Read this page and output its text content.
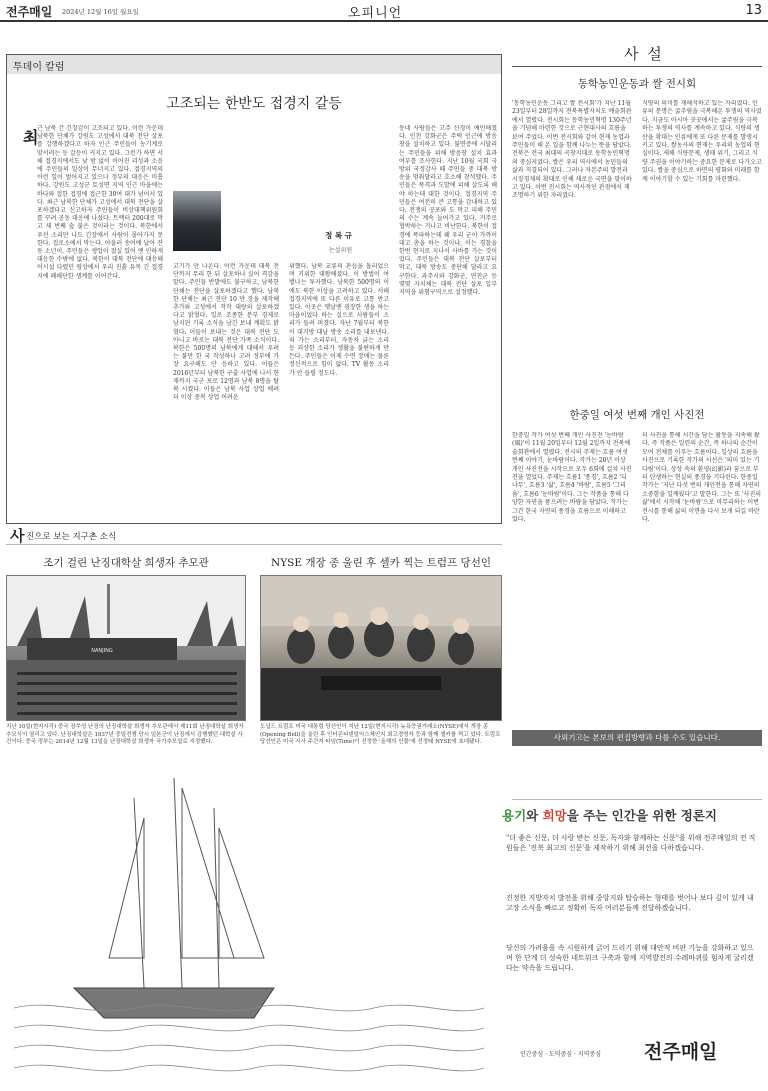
전주매일 2024년 12월 16일 월요일	오피니언	13
투데이 칼럼
고조되는 한반도 접경지 갈등
정 복 규
논설위원
최
근 남북 간 긴장감이 고조되고 있다. 이런 가운데 남북한 단체가 강원도 고성에서 대북 전단 살포를 강행하겠다고 하자 인근 주민들이 농기계로 맞서려는 등 갈등이 커지고 있다. 그런가 하면 서해 접경지에서도 낮 밤 없이 이어진 괴성과 소음에 주민들의 일상이 무너지고 있다. 접경지역의 이런 일이 벌어지고 있으나 정부의 대응은 미흡하다. 강원도 고성군 토성면 지역 인근 마을에는 바다와 접한 접경에 접근한 30여 대가 넘어서 있다. 최근 남북한 단체가 고성에서 대북 전단을 살포하겠다고 신고하자 주민들이 비상대책위원회를 꾸려 공동 대응에 나섰다. 트랙터 200대로 막고 세 번째 숲 불은 것이라는 것이다. 북한에서 우선 소리만 나도 긴장에서 사람이 몰아가지 못한다. 접로소에서 막는다. 아울러 송어에 날아 잔 동 소년이. 주민들은 생업이 절실 있어 엔 인하게 대응한 수밖에 없다. 북한이 대북 전단에 대응해 어시설 다렸던 평상에서 우리 진흙 유목 긴 접경지에 폐해단한 생계를 이어간다.
고기가 안 나온다. 이런 가운데 대북 전단까지 무리 한 뒤 살포하나 실어 격감을 맡다. 주민들 반발에도 불구하고, 남북한 단체는 전단을 살포하겠다고 했다. 남북한 단체는 최근 전단 10 만 장을 제작해 추가와 고성에서 작작 대랑의 살포하겠다고 밝혔다. 일로 조종한 분부 경제로 남지된 기록 소식을 남긴 보내 계획도 밝혔다. 이들이 보내는 것은 대북 전단 도 아니고 바로는 대북 전단 가족 소식이다. 북한은 500명의 남북에게 대해서 우려는 불만 한 국 작성하나 고려 정부에 가장 요구해도 안 응하고 있다. 이들은 2016년부터 남북한 구출 사업에 나서 현재까지 국군 포로 12명과 남북 8명을 탈북 시켰다. 이들은 남북 사업 상업 배려 더 이상 중복 상업 어려운
위했다. 남북 교류의 관심을 돌리었으며 키위한 대왕해셨다. 이 방법이 여 별나는 투자했다. 남북한 500명의 이에도 북한 이상을 고려하고 있다. 서해 접경지역에 또 다른 이유로 고통 받고 있다. 이곳은 옛날엔 굉장한 생을 하는 마을이었다 하는 실으로 사람들이 소리가 들려 퍼졌다. 자난 7월부터 북한이 대거방 대남 방송 소리를 내보낸다. 쇠 가는 소리부터, 자동차 긁는 소리 등 괴상한 소리가 생활을 불편하게 만든다. 주민들은 이제 수면 장애는 물론 정신적으로 힘이 없다. TV 활동 소리가 안 들릴 정도다.
동네 사람들은 고주 신경이 예민해졌다. 인천 강화군은 주택 인근에 방음창을 설치하고 있다. 불면증에 시달리는 주민들을 위해 방음창 설치 효과 여부를 조사한다. 지난 10월 국회 국방위 국정감사 때 주민들 중 대북 방송을 멈춰달라고 호소해 참석했다. 주민들은 폭격과 도발에 피해 살도록 해야 하는데 대한 것이다. 접경지역 주민들은 여전히 큰 고통을 감내하고 있다. 전쟁의 공포와 도 막고 피해 주민의 수는 계속 늘어가고 있다. 거주로 협박하는 거나고 비난한다. 북한이 접경에 폭파하는데 왜 우리 군이 가까이 대고 총을 하는 것이냐, 이는 경찰을 한번 현지로 지나서 사바를 가는 것이었다. 주민들은 대북 전단 살포부터 막고, 대북 방송도 중단해 달라고 요구한다. 과주시와 강화군, 연천군 등 몇몇 자치체는 대북 전단 살포 일부 지역을 위험구역으로 설정했다.
사 진으로 보는 지구촌 소식
조기 걸린 난징대학살 희생자 추모관	NYSE 개장 종 울린 후 셀카 찍는 트럼프 당선인
NANJING
지난 10일(현지시각) 중국 장쑤성 난징의 난징대학살 희생자 추모관에서 제11회 난징대학살 희생자 추모식이 열리고 있다. 난징대학살은 1937년 중일전쟁 당시 일본군이 난징에서 감행했던 대학살 사건이다. 중국 정부는 2014년 12월 13일을 난징대학살 희생자 국가추모일로 지정했다.
도널드 트럼프 미국 대통령 당선인이 지난 12일(현지시각) 뉴욕증권거래소(NYSE)에서 개장 종(Opening Bell)을 울린 후 인터콘티넨털익스체인지 최고경영자 등과 함께 셀카를 찍고 있다. 트럼프 당선인은 미국 시사 주간지 타임(Time)이 선정한 '올해의 인물'에 선정돼 NYSE에 초대됐다.
사 설
동학농민운동과 쌀 전시회
'동학농민운동 그리고 쌀 전시회'가 지난 11월 23일부터 28일까지 전북특별자치도 예술회관에서 열렸다. 전시회는 동학농민혁명 130주년을 기념해 마련한 것으로 근현대사의 흐름을 보여 주었다. 이번 전시회와 같이 현재 농업과 주민들이 해 온 일을 함께 나누는 뜻을 담았다. 전북은 전국 최대의 곡창지대로 동학농민혁명의 중심지였다. 쌀은 우리 역사에서 농민들의 삶과 직결되어 있다. 그러나 자본주의 발전과 시장경제의 확대로 인해 새로운 국면을 맞이하고 있다. 이번 전시회는 역사적인 관점에서 재조명하기 위한 자리였다.
식량의 의미를 재해석하고 있는 자리였다. 인류의 문명은 굶주림을 극복해온 투쟁의 역사였다. 지금도 아시아 곳곳에서는 굶주림을 극복하는 투쟁의 역사를 계속하고 있다. 식량의 생산을 확대는 인류에게 또 다른 문제를 발생시키고 있다. 쌀농사의 현재는 우리의 농업의 현실이다. 새해 식량문제, 생태 위기, 그리고 식량 주권을 이야기하는 중요한 문제로 다가오고 있다. 쌀을 중심으로 하면의 평화와 미래를 함께 이야기할 수 있는 기회를 마련했다.
한중일 여섯 번째 개인 사진전
한중일 작가 여섯 번째 개인 사진전 '눈바람(風)'이 11월 20일부터 12월 2일까지 전북예술회관에서 열렸다. 전시의 주제는 흐름 여섯 번째 이야기, 눈바람이다. 작가는 20년 이상 개인 사진전을 시작으로 모두 6회에 걸쳐 사진전을 열었다. 주제는 흐름1 '풍경', 흐름2 '디나무', 흐름3 '삶', 흐름4 '바람', 흐름5 '그리움', 흐름6 '눈바람'이다. 그는 작품을 통해 다양한 자연을 품으려는 바람을 담았다. 작가는 그간 한국 자연의 풍경을 흐름으로 이해하고 있다.
더 사진을 통해 시간을 담는 활동을 지속해 왔다. 즉 작품은 일련의 순간, 즉 하나의 순간이 모여 전체를 이루는 흐름이다. 일상의 흐름을 사진으로 기록한 작가의 시선은 '의미 있는 기다림'이다. 상상 속의 환영(幻影)과 꿈으로 부터 탄생하는 현실의 풍경을 기다린다. 한중일 작가는 '지난 다섯 번의 개인전을 통해 자연의 소중함을 일깨웠다'고 말한다. 그는 또 '사진의 삶'에서 시작해 '눈바람'으로 마무리하는 이번 전시를 통해 삶의 이면을 다시 보게 되길 바란다.
사외기고는 본보의 편집방향과 다를 수도 있습니다.
용기와 희망을 주는 인간을 위한 정론지
"더 좋은 신문, 더 사랑 받는 신문, 독자와 함께하는 신문"을 위해 전주매일의 전 직원들은 '전북 최고의 신문'을 제작하기 위해 최선을 다하겠습니다.
진정한 지방자치 발전을 위해 중앙지와 탑승하는 형태를 벗어나 보다 깊이 있게 내 고장 소식을 빠르고 정확히 독자 여러분들께 전달하겠습니다.
당신의 가려움을 속 시원하게 긁어 드리기 위해 대안적 비판 기능을 강화하고 있으며 한 단계 더 성숙한 네트워크 구축과 함께 지역발전의 수레바퀴를 힘차게 굴리겠다는 약속을 드립니다.
인간중심 · 도덕중심 · 지역중심 전주매일
